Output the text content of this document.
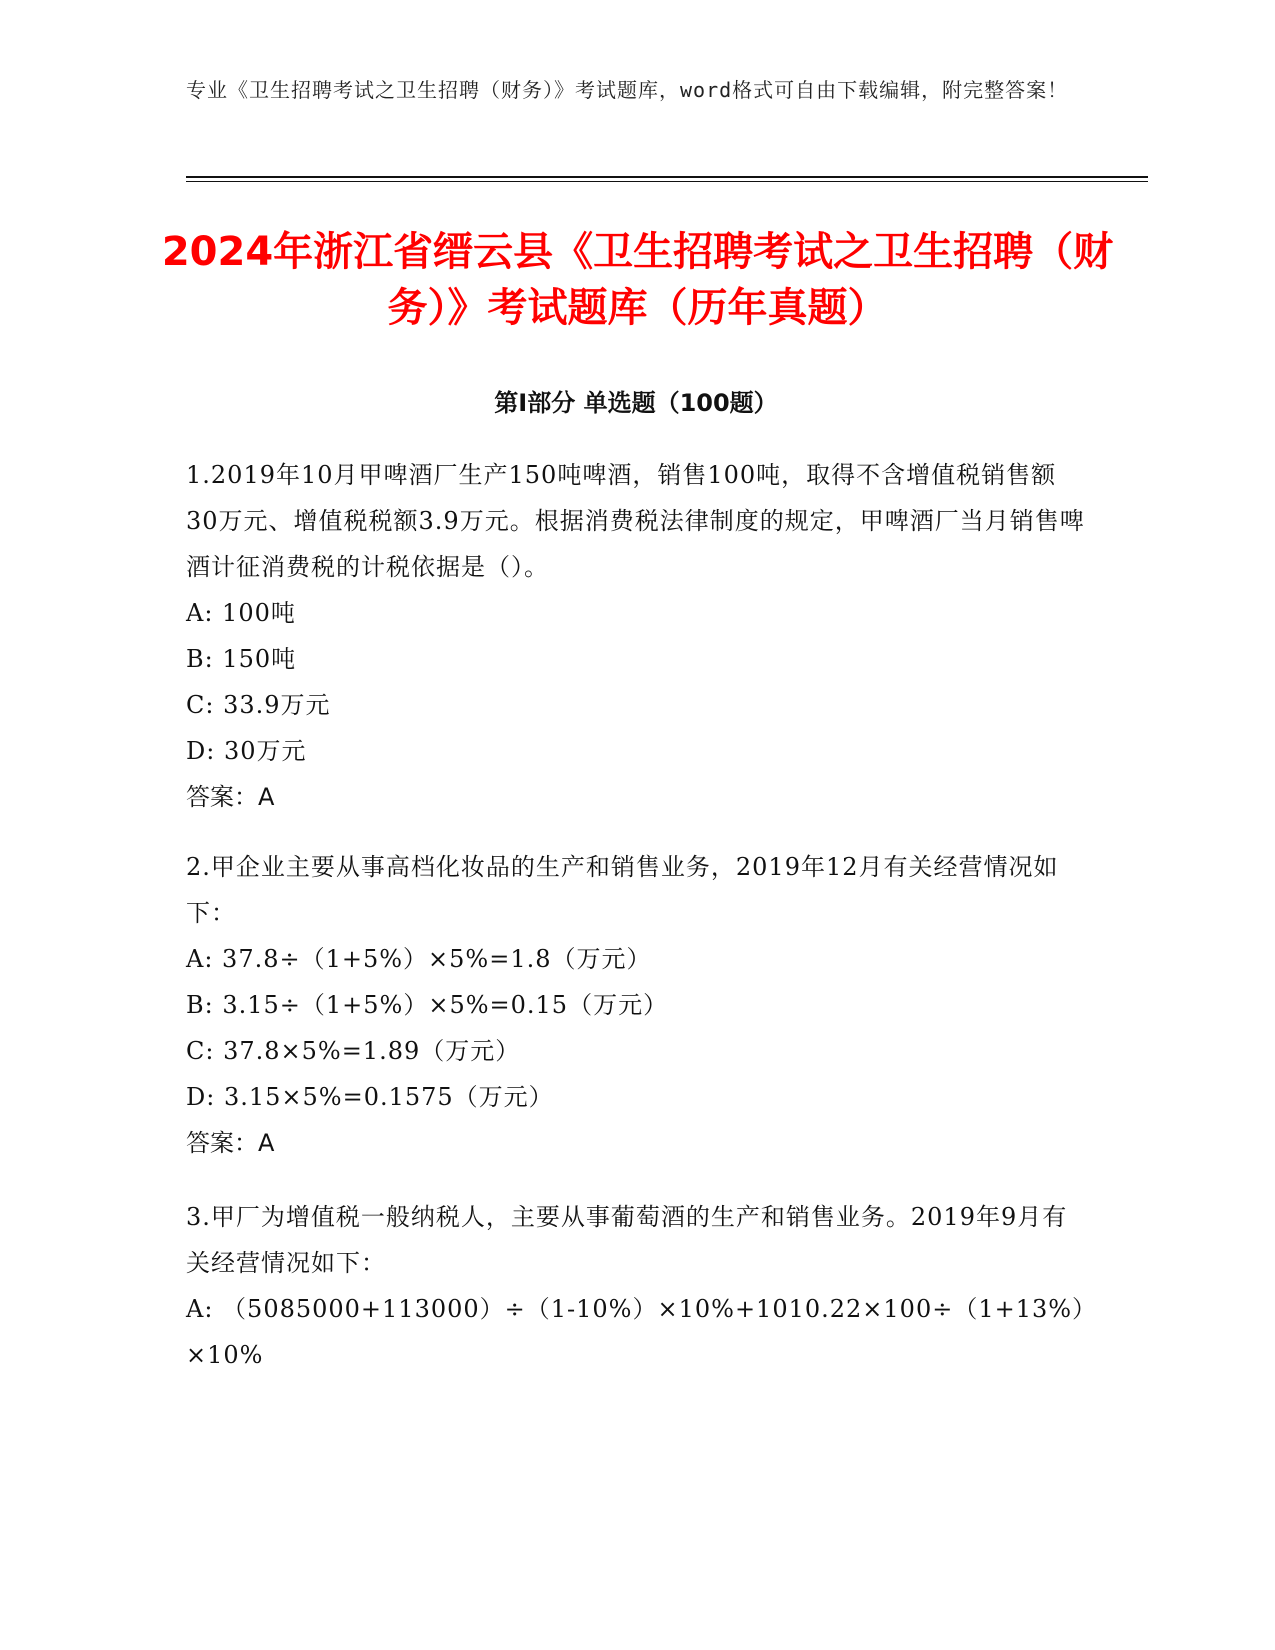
专业《卫生招聘考试之卫生招聘（财务）》考试题库，word格式可自由下载编辑，附完整答案！
2024年浙江省缙云县《卫生招聘考试之卫生招聘（财务）》考试题库（历年真题）
第I部分 单选题（100题）

1.2019年10月甲啤酒厂生产150吨啤酒，销售100吨，取得不含增值税销售额30万元、增值税税额3.9万元。根据消费税法律制度的规定，甲啤酒厂当月销售啤酒计征消费税的计税依据是（）。

A: 100吨

B: 150吨

C: 33.9万元

D: 30万元

答案：A

2.甲企业主要从事高档化妆品的生产和销售业务，2019年12月有关经营情况如下：

A: 37.8÷（1+5%）×5%=1.8（万元）

B: 3.15÷（1+5%）×5%=0.15（万元）

C: 37.8×5%=1.89（万元）

D: 3.15×5%=0.1575（万元）

答案：A

3.甲厂为增值税一般纳税人，主要从事葡萄酒的生产和销售业务。2019年9月有关经营情况如下：

A: （5085000+113000）÷（1-10%）×10%+1010.22×100÷（1+13%）×10%
